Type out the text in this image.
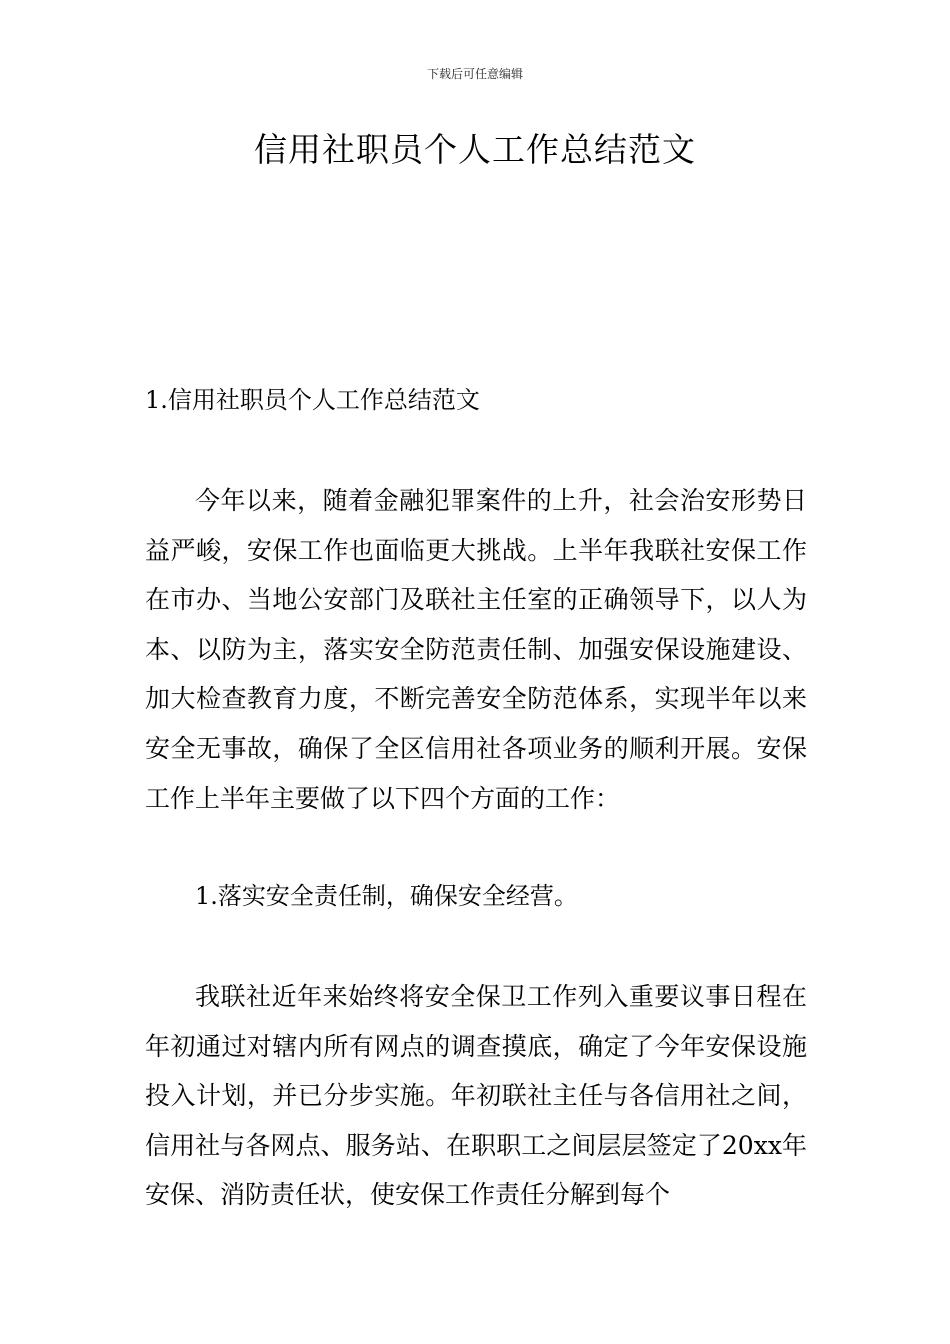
下载后可任意编辑
信用社职员个人工作总结范文
1.信用社职员个人工作总结范文

今年以来，随着金融犯罪案件的上升，社会治安形势日益严峻，安保工作也面临更大挑战。上半年我联社安保工作在市办、当地公安部门及联社主任室的正确领导下，以人为本、以防为主，落实安全防范责任制、加强安保设施建设、加大检查教育力度，不断完善安全防范体系，实现半年以来安全无事故，确保了全区信用社各项业务的顺利开展。安保工作上半年主要做了以下四个方面的工作：

1.落实安全责任制，确保安全经营。

我联社近年来始终将安全保卫工作列入重要议事日程在年初通过对辖内所有网点的调查摸底，确定了今年安保设施投入计划，并已分步实施。年初联社主任与各信用社之间，信用社与各网点、服务站、在职职工之间层层签定了20xx年安保、消防责任状，使安保工作责任分解到每个
